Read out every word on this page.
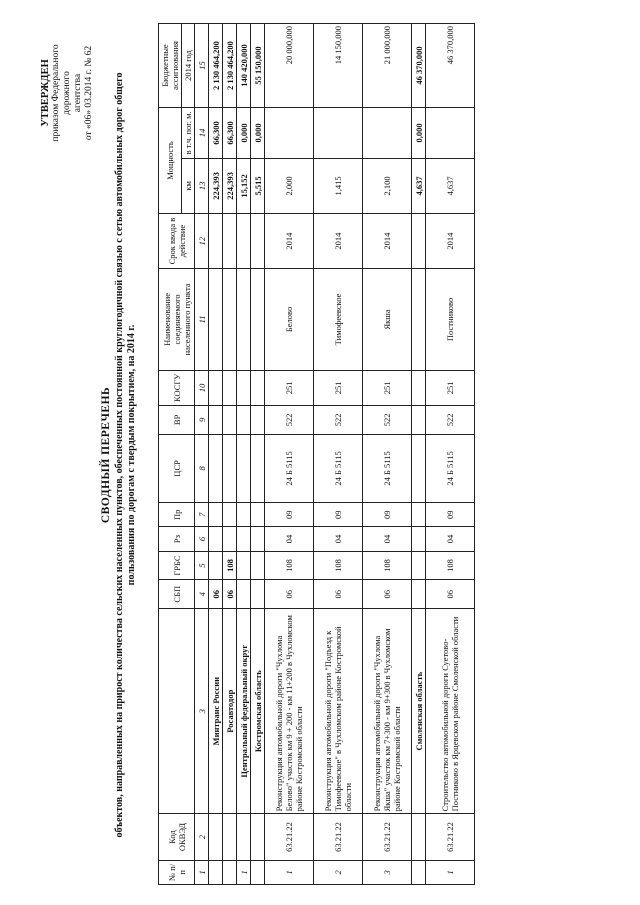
УТВЕРЖДЕН приказом Федерального дорожного агентства от «06» 03.2014 г. № 62
СВОДНЫЙ ПЕРЕЧЕНЬ объектов, направленных на прирост количества сельских населенных пунктов, обеспеченных постоянной круглогодичной связью с сетью автомобильных дорог общего пользования по дорогам с твердым покрытием, на 2014 г.
№ п/п	Код ОКВЭД		СБП	ГРБС	Рз	Пр	ЦСР	ВР	КОСГУ	Наименование соединяемого населенного пункта	Срок ввода в действие	Мощность		Бюджетные ассигнования
												км	в т.ч. пог. м.	2014 год
1	2	3	4	5	6	7	8	9	10	11	12	13	14	15
		Минтранс России	06									224,393	66,300	2 130 464,200
		Росавтодор	06	108								224,393	66,300	2 130 464,200
1		Центральный федеральный округ										15,152	0,000	140 420,000
		Костромская область										5,515	0,000	55 150,000
1	63.21.22	Реконструкция автомобильной дороги "Чухлома Белово" участок км 9 + 200 - км 11+200 в Чухломском районе Костромской области	06	108	04	09	24 Б 5115	522	251	Белово	2014	2,000		20 000,000
2	63.21.22	Реконструкция автомобильной дороги "Подъезд к Тимофеевское" в Чухломском районе Костромской области	06	108	04	09	24 Б 5115	522	251	Тимофеевское	2014	1,415		14 150,000
3	63.21.22	Реконструкция автомобильной дороги "Чухлома Якша" участок км 7+300 - км 9+300 в Чухломском районе Костромской области	06	108	04	09	24 Б 5115	522	251	Якша	2014	2,100		21 000,000
		Смоленская область										4,637	0,000	46 370,000
1	63.21.22	Строительство автомобильной дороги Суетово-Постниково в Ярцевском районе Смоленской области	06	108	04	09	24 Б 5115	522	251	Постниково	2014	4,637		46 370,000
